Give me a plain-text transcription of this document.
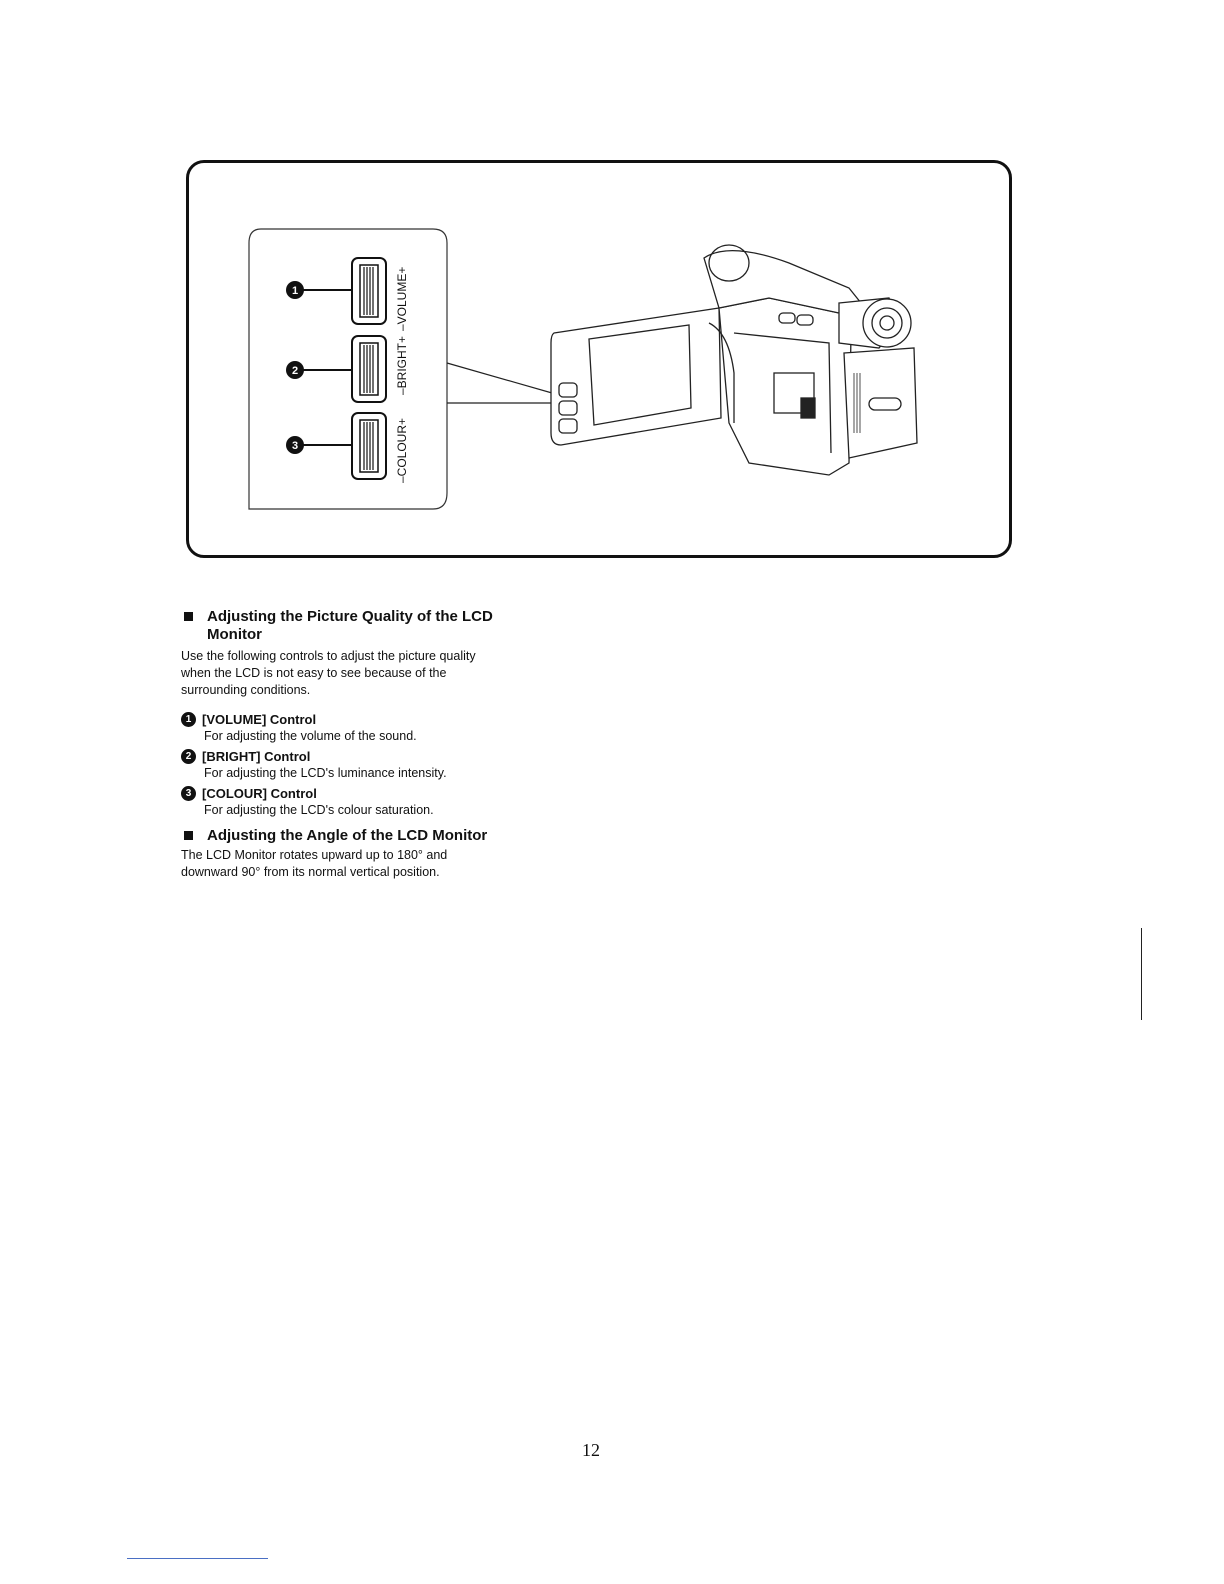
1
2
3
–VOLUME+
–BRIGHT+
–COLOUR+
Adjusting the Picture Quality of the LCD
Monitor
Use the following controls to adjust the picture quality
when the LCD is not easy to see because of the
surrounding conditions.
1 [VOLUME] Control
For adjusting the volume of the sound.
2 [BRIGHT] Control
For adjusting the LCD's luminance intensity.
3 [COLOUR] Control
For adjusting the LCD's colour saturation.
Adjusting the Angle of the LCD Monitor
The LCD Monitor rotates upward up to 180° and
downward 90° from its normal vertical position.
12
